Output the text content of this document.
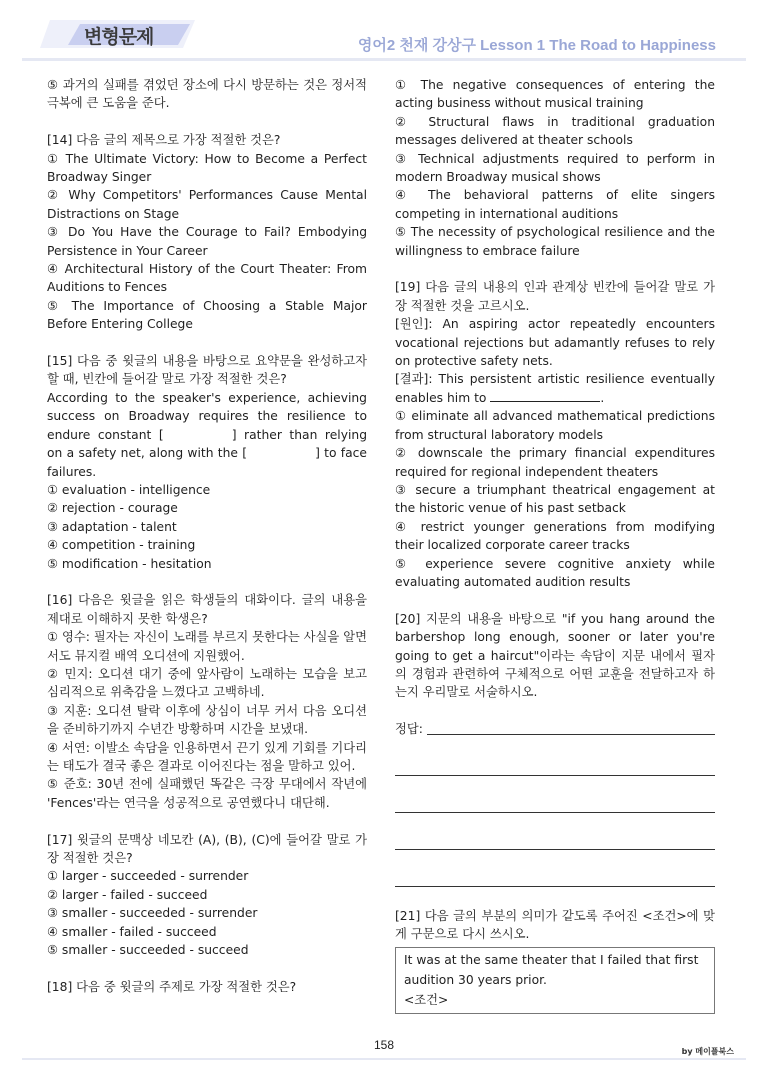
변형문제	영어2 천재 강상구 Lesson 1 The Road to Happiness

⑤ 과거의 실패를 겪었던 장소에 다시 방문하는 것은 정서적 극복에 큰 도움을 준다.

[14] 다음 글의 제목으로 가장 적절한 것은?

① The Ultimate Victory: How to Become a Perfect Broadway Singer

② Why Competitors' Performances Cause Mental Distractions on Stage

③ Do You Have the Courage to Fail? Embodying Persistence in Your Career

④ Architectural History of the Court Theater: From Auditions to Fences

⑤ The Importance of Choosing a Stable Major Before Entering College

[15] 다음 중 윗글의 내용을 바탕으로 요약문을 완성하고자 할 때, 빈칸에 들어갈 말로 가장 적절한 것은?

According to the speaker's experience, achieving success on Broadway requires the resilience to endure constant [	] rather than relying on a safety net, along with the [	] to face failures.

① evaluation - intelligence

② rejection - courage

③ adaptation - talent

④ competition - training

⑤ modification - hesitation

[16] 다음은 윗글을 읽은 학생들의 대화이다. 글의 내용을 제대로 이해하지 못한 학생은?

① 영수: 필자는 자신이 노래를 부르지 못한다는 사실을 알면서도 뮤지컬 배역 오디션에 지원했어.

② 민지: 오디션 대기 중에 앞사람이 노래하는 모습을 보고 심리적으로 위축감을 느꼈다고 고백하네.

③ 지훈: 오디션 탈락 이후에 상심이 너무 커서 다음 오디션을 준비하기까지 수년간 방황하며 시간을 보냈대.

④ 서연: 이발소 속담을 인용하면서 끈기 있게 기회를 기다리는 태도가 결국 좋은 결과로 이어진다는 점을 말하고 있어.

⑤ 준호: 30년 전에 실패했던 똑같은 극장 무대에서 작년에 'Fences'라는 연극을 성공적으로 공연했다니 대단해.

[17] 윗글의 문맥상 네모칸 (A), (B), (C)에 들어갈 말로 가장 적절한 것은?

① larger - succeeded - surrender

② larger - failed - succeed

③ smaller - succeeded - surrender

④ smaller - failed - succeed

⑤ smaller - succeeded - succeed

[18] 다음 중 윗글의 주제로 가장 적절한 것은?

① The negative consequences of entering the acting business without musical training

② Structural flaws in traditional graduation messages delivered at theater schools

③ Technical adjustments required to perform in modern Broadway musical shows

④ The behavioral patterns of elite singers competing in international auditions

⑤ The necessity of psychological resilience and the willingness to embrace failure

[19] 다음 글의 내용의 인과 관계상 빈칸에 들어갈 말로 가장 적절한 것을 고르시오.

[원인]: An aspiring actor repeatedly encounters vocational rejections but adamantly refuses to rely on protective safety nets.

[결과]: This persistent artistic resilience eventually enables him to	.

① eliminate all advanced mathematical predictions from structural laboratory models

② downscale the primary financial expenditures required for regional independent theaters

③ secure a triumphant theatrical engagement at the historic venue of his past setback

④ restrict younger generations from modifying their localized corporate career tracks

⑤ experience severe cognitive anxiety while evaluating automated audition results

[20] 지문의 내용을 바탕으로 "if you hang around the barbershop long enough, sooner or later you're going to get a haircut"이라는 속담이 지문 내에서 필자의 경험과 관련하여 구체적으로 어떤 교훈을 전달하고자 하는지 우리말로 서술하시오.

정답:

[21] 다음 글의 부분의 의미가 같도록 주어진 <조건>에 맞게 구문으로 다시 쓰시오.

It was at the same theater that I failed that first audition 30 years prior.

<조건>

158	by 메이플북스
